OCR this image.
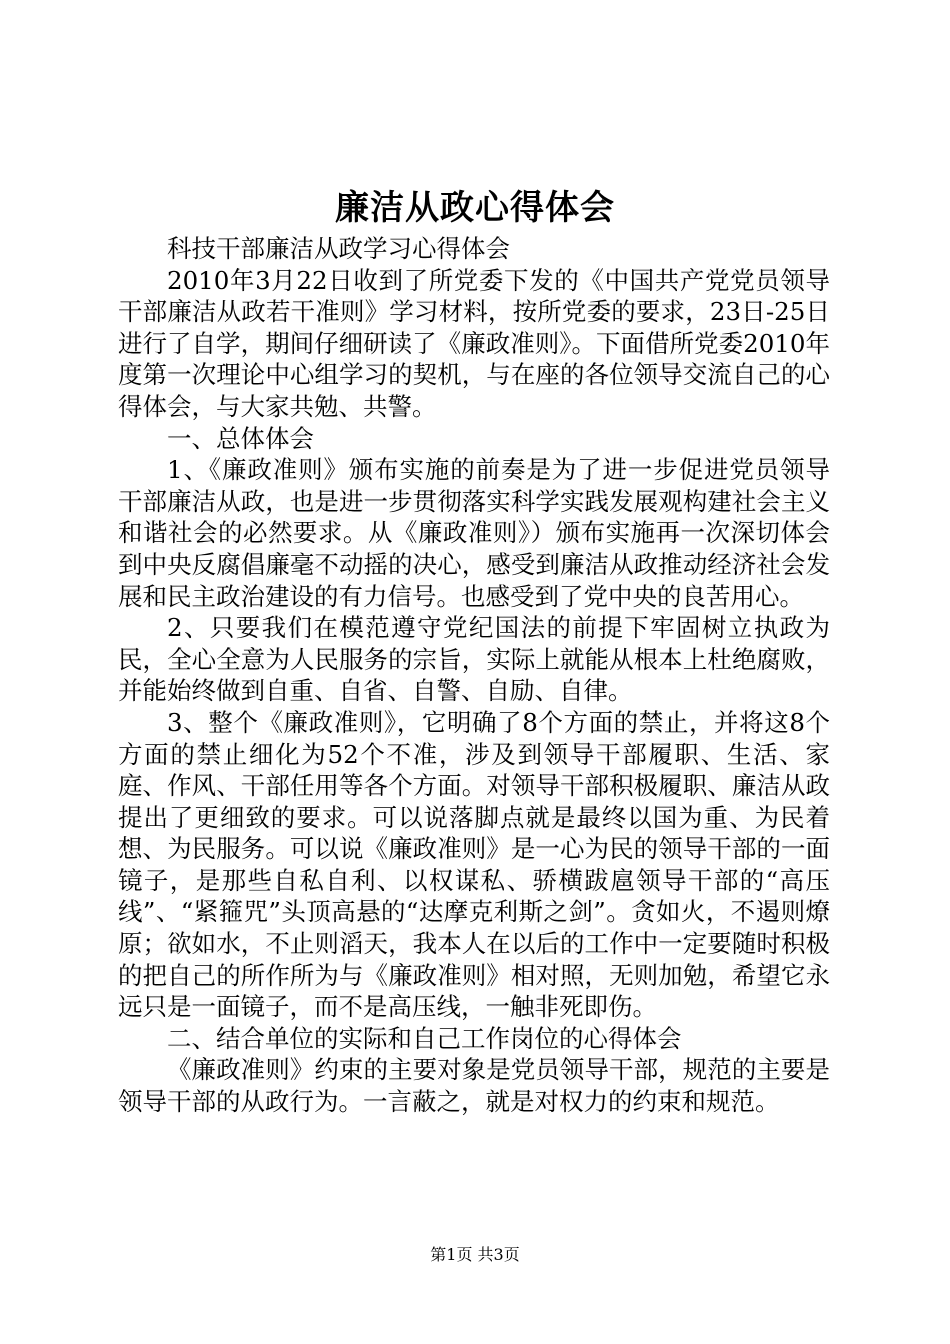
廉洁从政心得体会

科技干部廉洁从政学习心得体会

2010年3月22日收到了所党委下发的《中国共产党党员领导干部廉洁从政若干准则》学习材料，按所党委的要求，23日-25日进行了自学，期间仔细研读了《廉政准则》。下面借所党委2010年度第一次理论中心组学习的契机，与在座的各位领导交流自己的心得体会，与大家共勉、共警。

一、总体体会

1、《廉政准则》颁布实施的前奏是为了进一步促进党员领导干部廉洁从政，也是进一步贯彻落实科学实践发展观构建社会主义和谐社会的必然要求。从《廉政准则》）颁布实施再一次深切体会到中央反腐倡廉毫不动摇的决心，感受到廉洁从政推动经济社会发展和民主政治建设的有力信号。也感受到了党中央的良苦用心。

2、只要我们在模范遵守党纪国法的前提下牢固树立执政为民，全心全意为人民服务的宗旨，实际上就能从根本上杜绝腐败，并能始终做到自重、自省、自警、自励、自律。

3、整个《廉政准则》，它明确了8个方面的禁止，并将这8个方面的禁止细化为52个不准，涉及到领导干部履职、生活、家庭、作风、干部任用等各个方面。对领导干部积极履职、廉洁从政提出了更细致的要求。可以说落脚点就是最终以国为重、为民着想、为民服务。可以说《廉政准则》是一心为民的领导干部的一面镜子，是那些自私自利、以权谋私、骄横跋扈领导干部的“高压线”、“紧箍咒”头顶高悬的“达摩克利斯之剑”。贪如火，不遏则燎原；欲如水，不止则滔天，我本人在以后的工作中一定要随时积极的把自己的所作所为与《廉政准则》相对照，无则加勉，希望它永远只是一面镜子，而不是高压线，一触非死即伤。

二、结合单位的实际和自己工作岗位的心得体会

《廉政准则》约束的主要对象是党员领导干部，规范的主要是领导干部的从政行为。一言蔽之，就是对权力的约束和规范。

第1页 共3页
